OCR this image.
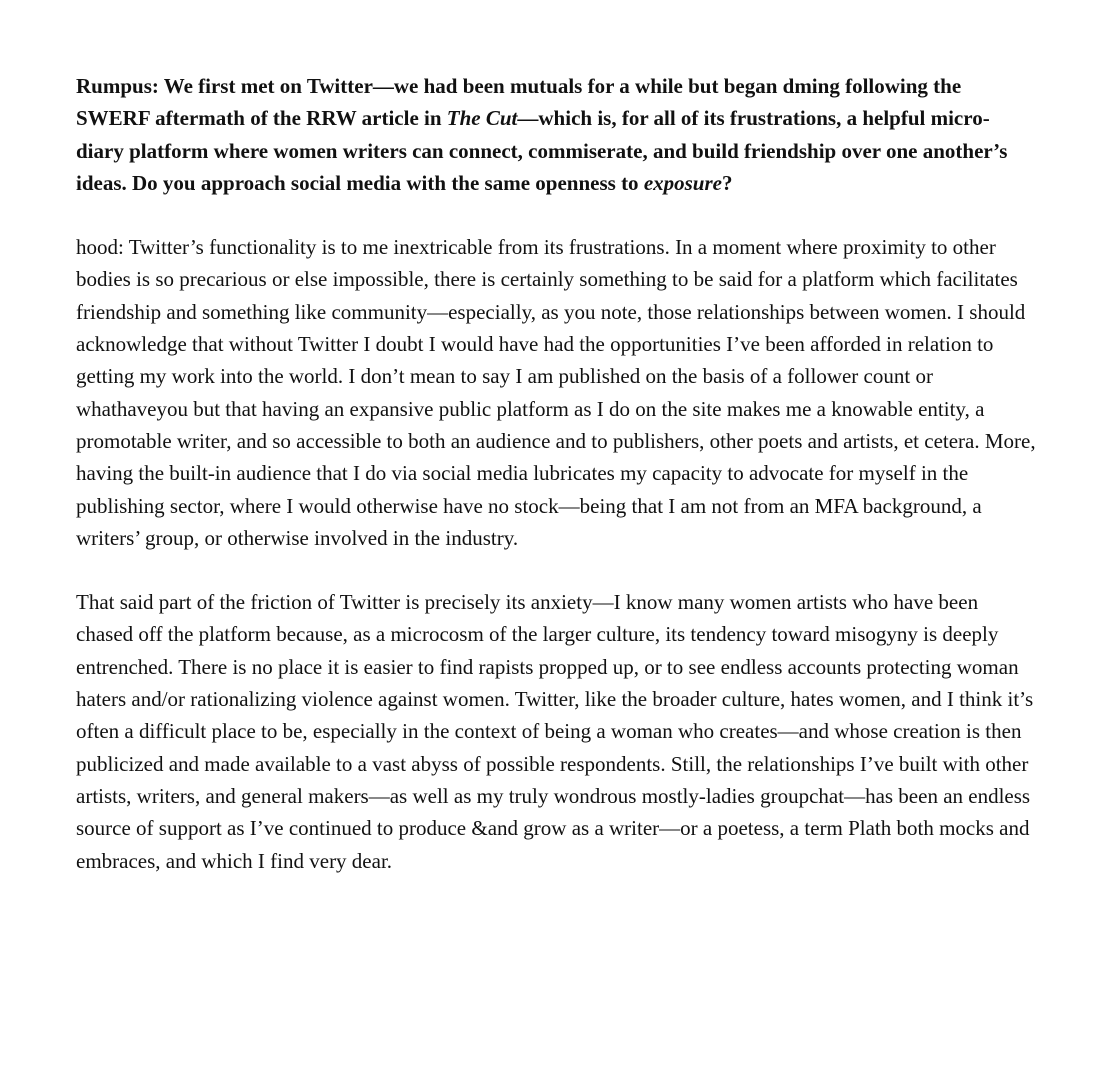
Rumpus: We first met on Twitter—we had been mutuals for a while but began dming following the SWERF aftermath of the RRW article in The Cut—which is, for all of its frustrations, a helpful micro-diary platform where women writers can connect, commiserate, and build friendship over one another’s ideas. Do you approach social media with the same openness to exposure?

hood: Twitter’s functionality is to me inextricable from its frustrations. In a moment where proximity to other bodies is so precarious or else impossible, there is certainly something to be said for a platform which facilitates friendship and something like community—especially, as you note, those relationships between women. I should acknowledge that without Twitter I doubt I would have had the opportunities I’ve been afforded in relation to getting my work into the world. I don’t mean to say I am published on the basis of a follower count or whathaveyou but that having an expansive public platform as I do on the site makes me a knowable entity, a promotable writer, and so accessible to both an audience and to publishers, other poets and artists, et cetera. More, having the built-in audience that I do via social media lubricates my capacity to advocate for myself in the publishing sector, where I would otherwise have no stock—being that I am not from an MFA background, a writers’ group, or otherwise involved in the industry.

That said part of the friction of Twitter is precisely its anxiety—I know many women artists who have been chased off the platform because, as a microcosm of the larger culture, its tendency toward misogyny is deeply entrenched. There is no place it is easier to find rapists propped up, or to see endless accounts protecting woman haters and/or rationalizing violence against women. Twitter, like the broader culture, hates women, and I think it’s often a difficult place to be, especially in the context of being a woman who creates—and whose creation is then publicized and made available to a vast abyss of possible respondents. Still, the relationships I’ve built with other artists, writers, and general makers—as well as my truly wondrous mostly-ladies groupchat—has been an endless source of support as I’ve continued to produce &and grow as a writer—or a poetess, a term Plath both mocks and embraces, and which I find very dear.
